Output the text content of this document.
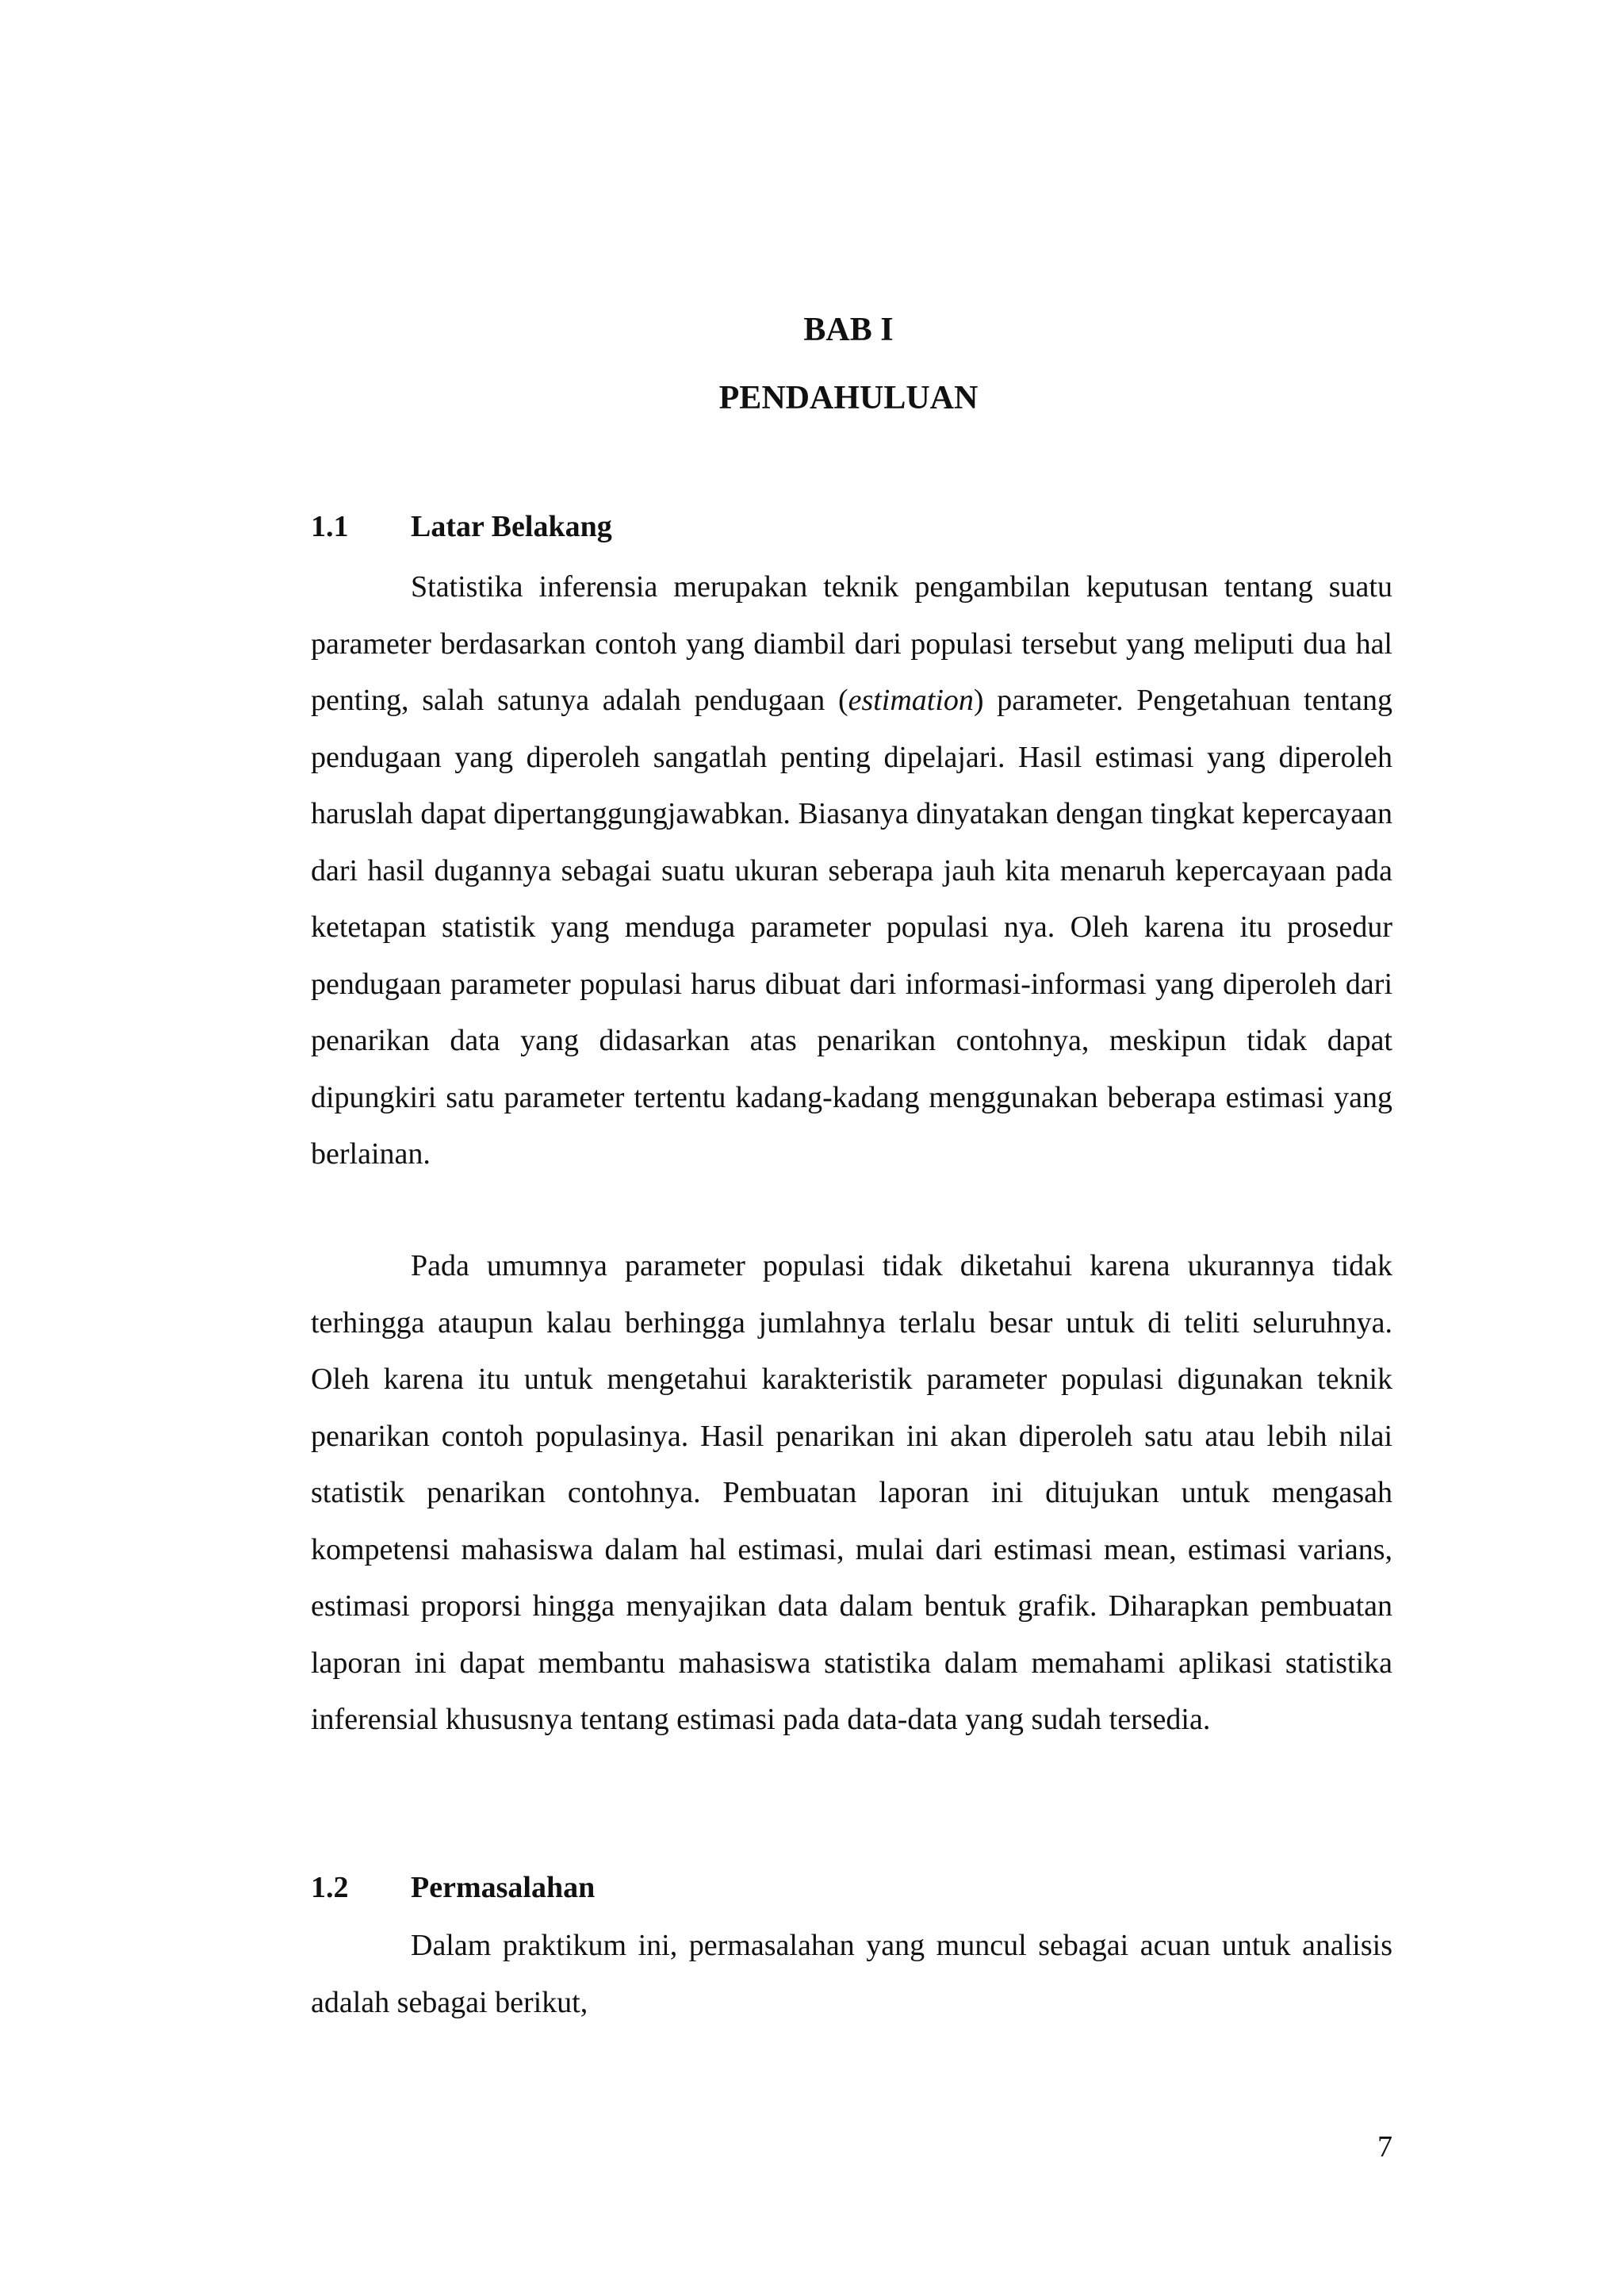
BAB I
PENDAHULUAN
1.1 Latar Belakang

Statistika inferensia merupakan teknik pengambilan keputusan tentang suatu parameter berdasarkan contoh yang diambil dari populasi tersebut yang meliputi dua hal penting, salah satunya adalah pendugaan (estimation) parameter. Pengetahuan tentang pendugaan yang diperoleh sangatlah penting dipelajari. Hasil estimasi yang diperoleh haruslah dapat dipertanggungjawabkan. Biasanya dinyatakan dengan tingkat kepercayaan dari hasil dugannya sebagai suatu ukuran seberapa jauh kita menaruh kepercayaan pada ketetapan statistik yang menduga parameter populasi nya. Oleh karena itu prosedur pendugaan parameter populasi harus dibuat dari informasi-informasi yang diperoleh dari penarikan data yang didasarkan atas penarikan contohnya, meskipun tidak dapat dipungkiri satu parameter tertentu kadang-kadang menggunakan beberapa estimasi yang berlainan.

Pada umumnya parameter populasi tidak diketahui karena ukurannya tidak terhingga ataupun kalau berhingga jumlahnya terlalu besar untuk di teliti seluruhnya. Oleh karena itu untuk mengetahui karakteristik parameter populasi digunakan teknik penarikan contoh populasinya. Hasil penarikan ini akan diperoleh satu atau lebih nilai statistik penarikan contohnya. Pembuatan laporan ini ditujukan untuk mengasah kompetensi mahasiswa dalam hal estimasi, mulai dari estimasi mean, estimasi varians, estimasi proporsi hingga menyajikan data dalam bentuk grafik. Diharapkan pembuatan laporan ini dapat membantu mahasiswa statistika dalam memahami aplikasi statistika inferensial khususnya tentang estimasi pada data-data yang sudah tersedia.

1.2 Permasalahan

Dalam praktikum ini, permasalahan yang muncul sebagai acuan untuk analisis adalah sebagai berikut,

7
